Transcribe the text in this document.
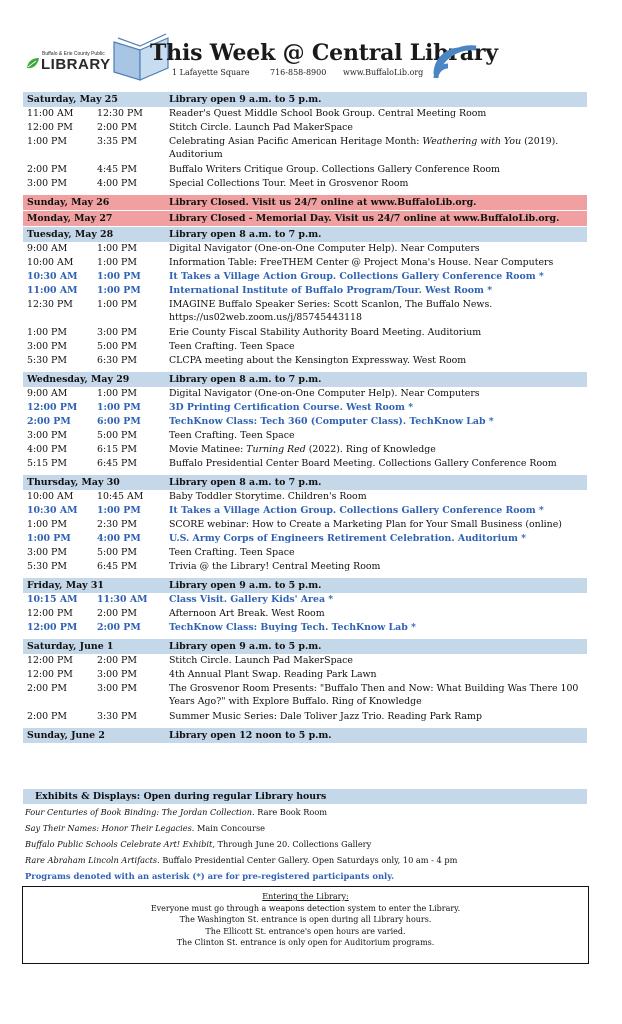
Buffalo & Erie County Public
LIBRARY This Week @ Central Library
1 Lafayette Square	716-858-8900 www.BuffaloLib.org
Saturday, May 25	Library open 9 a.m. to 5 p.m.
11:00 AM	12:30 PM	Reader's Quest Middle School Book Group. Central Meeting Room
12:00 PM	2:00 PM	Stitch Circle. Launch Pad MakerSpace
1:00 PM	3:35 PM	Celebrating Asian Pacific American Heritage Month: Weathering with You (2019). Auditorium
2:00 PM	4:45 PM	Buffalo Writers Critique Group. Collections Gallery Conference Room
3:00 PM	4:00 PM	Special Collections Tour. Meet in Grosvenor Room
Sunday, May 26	Library Closed. Visit us 24/7 online at www.BuffaloLib.org.
Monday, May 27	Library Closed - Memorial Day. Visit us 24/7 online at www.BuffaloLib.org.
Tuesday, May 28	Library open 8 a.m. to 7 p.m.
9:00 AM	1:00 PM	Digital Navigator (One-on-One Computer Help). Near Computers
10:00 AM	1:00 PM	Information Table: FreeTHEM Center @ Project Mona's House. Near Computers
10:30 AM 1:00 PM	It Takes a Village Action Group. Collections Gallery Conference Room *
11:00 AM 1:00 PM	International Institute of Buffalo Program/Tour. West Room *
12:30 PM	1:00 PM	IMAGINE Buffalo Speaker Series: Scott Scanlon, The Buffalo News. https://us02web.zoom.us/j/85745443118
1:00 PM	3:00 PM	Erie County Fiscal Stability Authority Board Meeting. Auditorium
3:00 PM	5:00 PM	Teen Crafting. Teen Space
5:30 PM	6:30 PM	CLCPA meeting about the Kensington Expressway. West Room
Wednesday, May 29	Library open 8 a.m. to 7 p.m.
9:00 AM	1:00 PM	Digital Navigator (One-on-One Computer Help). Near Computers
12:00 PM 1:00 PM	3D Printing Certification Course. West Room *
2:00 PM	6:00 PM	TechKnow Class: Tech 360 (Computer Class). TechKnow Lab *
3:00 PM	5:00 PM	Teen Crafting. Teen Space
4:00 PM	6:15 PM	Movie Matinee: Turning Red (2022). Ring of Knowledge
5:15 PM	6:45 PM	Buffalo Presidential Center Board Meeting. Collections Gallery Conference Room
Thursday, May 30	Library open 8 a.m. to 7 p.m.
10:00 AM	10:45 AM	Baby Toddler Storytime. Children's Room
10:30 AM 1:00 PM	It Takes a Village Action Group. Collections Gallery Conference Room *
1:00 PM	2:30 PM	SCORE webinar: How to Create a Marketing Plan for Your Small Business (online)
1:00 PM	4:00 PM	U.S. Army Corps of Engineers Retirement Celebration. Auditorium *
3:00 PM	5:00 PM	Teen Crafting. Teen Space
5:30 PM	6:45 PM	Trivia @ the Library! Central Meeting Room
Friday, May 31	Library open 9 a.m. to 5 p.m.
10:15 AM 11:30 AM Class Visit. Gallery Kids' Area *
12:00 PM	2:00 PM	Afternoon Art Break. West Room
12:00 PM 2:00 PM	TechKnow Class: Buying Tech. TechKnow Lab *
Saturday, June 1	Library open 9 a.m. to 5 p.m.
12:00 PM	2:00 PM	Stitch Circle. Launch Pad MakerSpace
12:00 PM	3:00 PM	4th Annual Plant Swap. Reading Park Lawn
2:00 PM	3:00 PM	The Grosvenor Room Presents: "Buffalo Then and Now: What Building Was There 100 Years Ago?" with Explore Buffalo. Ring of Knowledge
2:00 PM	3:30 PM	Summer Music Series: Dale Toliver Jazz Trio. Reading Park Ramp
Sunday, June 2	Library open 12 noon to 5 p.m.
Exhibits & Displays: Open during regular Library hours
Four Centuries of Book Binding: The Jordan Collection. Rare Book Room
Say Their Names: Honor Their Legacies. Main Concourse
Buffalo Public Schools Celebrate Art! Exhibit, Through June 20. Collections Gallery
Rare Abraham Lincoln Artifacts. Buffalo Presidential Center Gallery. Open Saturdays only, 10 am - 4 pm
Programs denoted with an asterisk (*) are for pre-registered participants only.
Entering the Library:
Everyone must go through a weapons detection system to enter the Library.
The Washington St. entrance is open during all Library hours.
The Ellicott St. entrance's open hours are varied.
The Clinton St. entrance is only open for Auditorium programs.
